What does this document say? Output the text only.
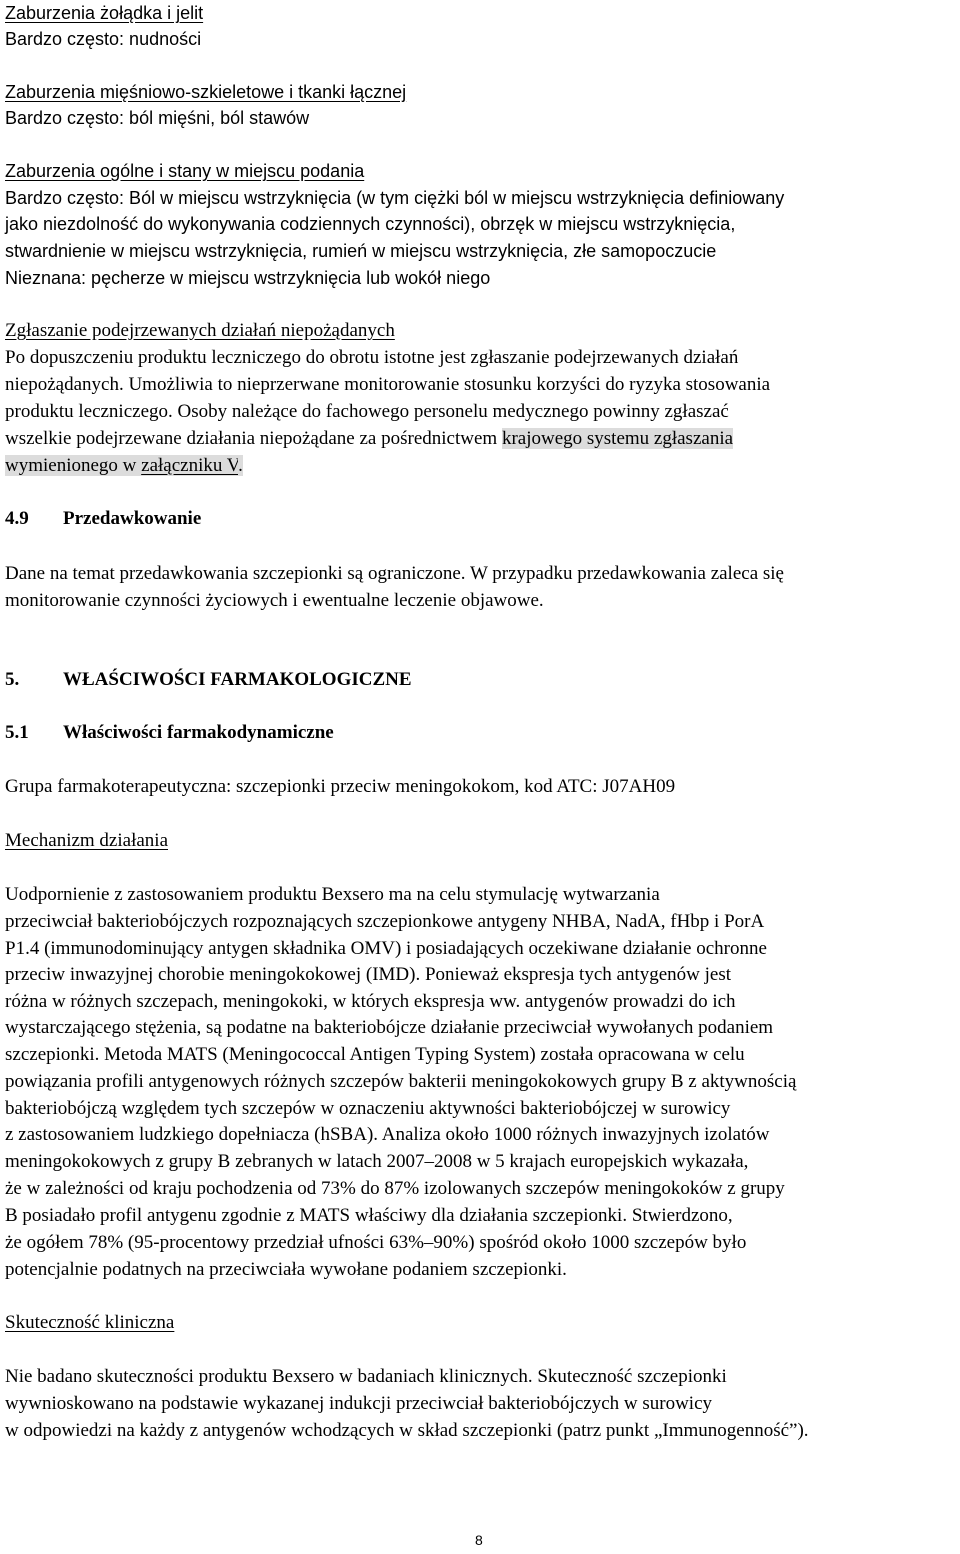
Zaburzenia żołądka i jelit
Bardzo często: nudności
Zaburzenia mięśniowo-szkieletowe i tkanki łącznej
Bardzo często: ból mięśni, ból stawów
Zaburzenia ogólne i stany w miejscu podania
Bardzo często: Ból w miejscu wstrzyknięcia (w tym ciężki ból w miejscu wstrzyknięcia definiowany
jako niezdolność do wykonywania codziennych czynności), obrzęk w miejscu wstrzyknięcia,
stwardnienie w miejscu wstrzyknięcia, rumień w miejscu wstrzyknięcia, złe samopoczucie
Nieznana: pęcherze w miejscu wstrzyknięcia lub wokół niego
Zgłaszanie podejrzewanych działań niepożądanych
Po dopuszczeniu produktu leczniczego do obrotu istotne jest zgłaszanie podejrzewanych działań
niepożądanych. Umożliwia to nieprzerwane monitorowanie stosunku korzyści do ryzyka stosowania
produktu leczniczego. Osoby należące do fachowego personelu medycznego powinny zgłaszać
wszelkie podejrzewane działania niepożądane za pośrednictwem krajowego systemu zgłaszania
wymienionego w załączniku V.
4.9 Przedawkowanie
Dane na temat przedawkowania szczepionki są ograniczone. W przypadku przedawkowania zaleca się
monitorowanie czynności życiowych i ewentualne leczenie objawowe.
5. WŁAŚCIWOŚCI FARMAKOLOGICZNE
5.1 Właściwości farmakodynamiczne
Grupa farmakoterapeutyczna: szczepionki przeciw meningokokom, kod ATC: J07AH09
Mechanizm działania
Uodpornienie z zastosowaniem produktu Bexsero ma na celu stymulację wytwarzania
przeciwciał bakteriobójczych rozpoznających szczepionkowe antygeny NHBA, NadA, fHbp i PorA
P1.4 (immunodominujący antygen składnika OMV) i posiadających oczekiwane działanie ochronne
przeciw inwazyjnej chorobie meningokokowej (IMD). Ponieważ ekspresja tych antygenów jest
różna w różnych szczepach, meningokoki, w których ekspresja ww. antygenów prowadzi do ich
wystarczającego stężenia, są podatne na bakteriobójcze działanie przeciwciał wywołanych podaniem
szczepionki. Metoda MATS (Meningococcal Antigen Typing System) została opracowana w celu
powiązania profili antygenowych różnych szczepów bakterii meningokokowych grupy B z aktywnością
bakteriobójczą względem tych szczepów w oznaczeniu aktywności bakteriobójczej w surowicy
z zastosowaniem ludzkiego dopełniacza (hSBA). Analiza około 1000 różnych inwazyjnych izolatów
meningokokowych z grupy B zebranych w latach 2007–2008 w 5 krajach europejskich wykazała,
że w zależności od kraju pochodzenia od 73% do 87% izolowanych szczepów meningokoków z grupy
B posiadało profil antygenu zgodnie z MATS właściwy dla działania szczepionki. Stwierdzono,
że ogółem 78% (95-procentowy przedział ufności 63%–90%) spośród około 1000 szczepów było
potencjalnie podatnych na przeciwciała wywołane podaniem szczepionki.
Skuteczność kliniczna
Nie badano skuteczności produktu Bexsero w badaniach klinicznych. Skuteczność szczepionki
wywnioskowano na podstawie wykazanej indukcji przeciwciał bakteriobójczych w surowicy
w odpowiedzi na każdy z antygenów wchodzących w skład szczepionki (patrz punkt „Immunogenność”).
8
